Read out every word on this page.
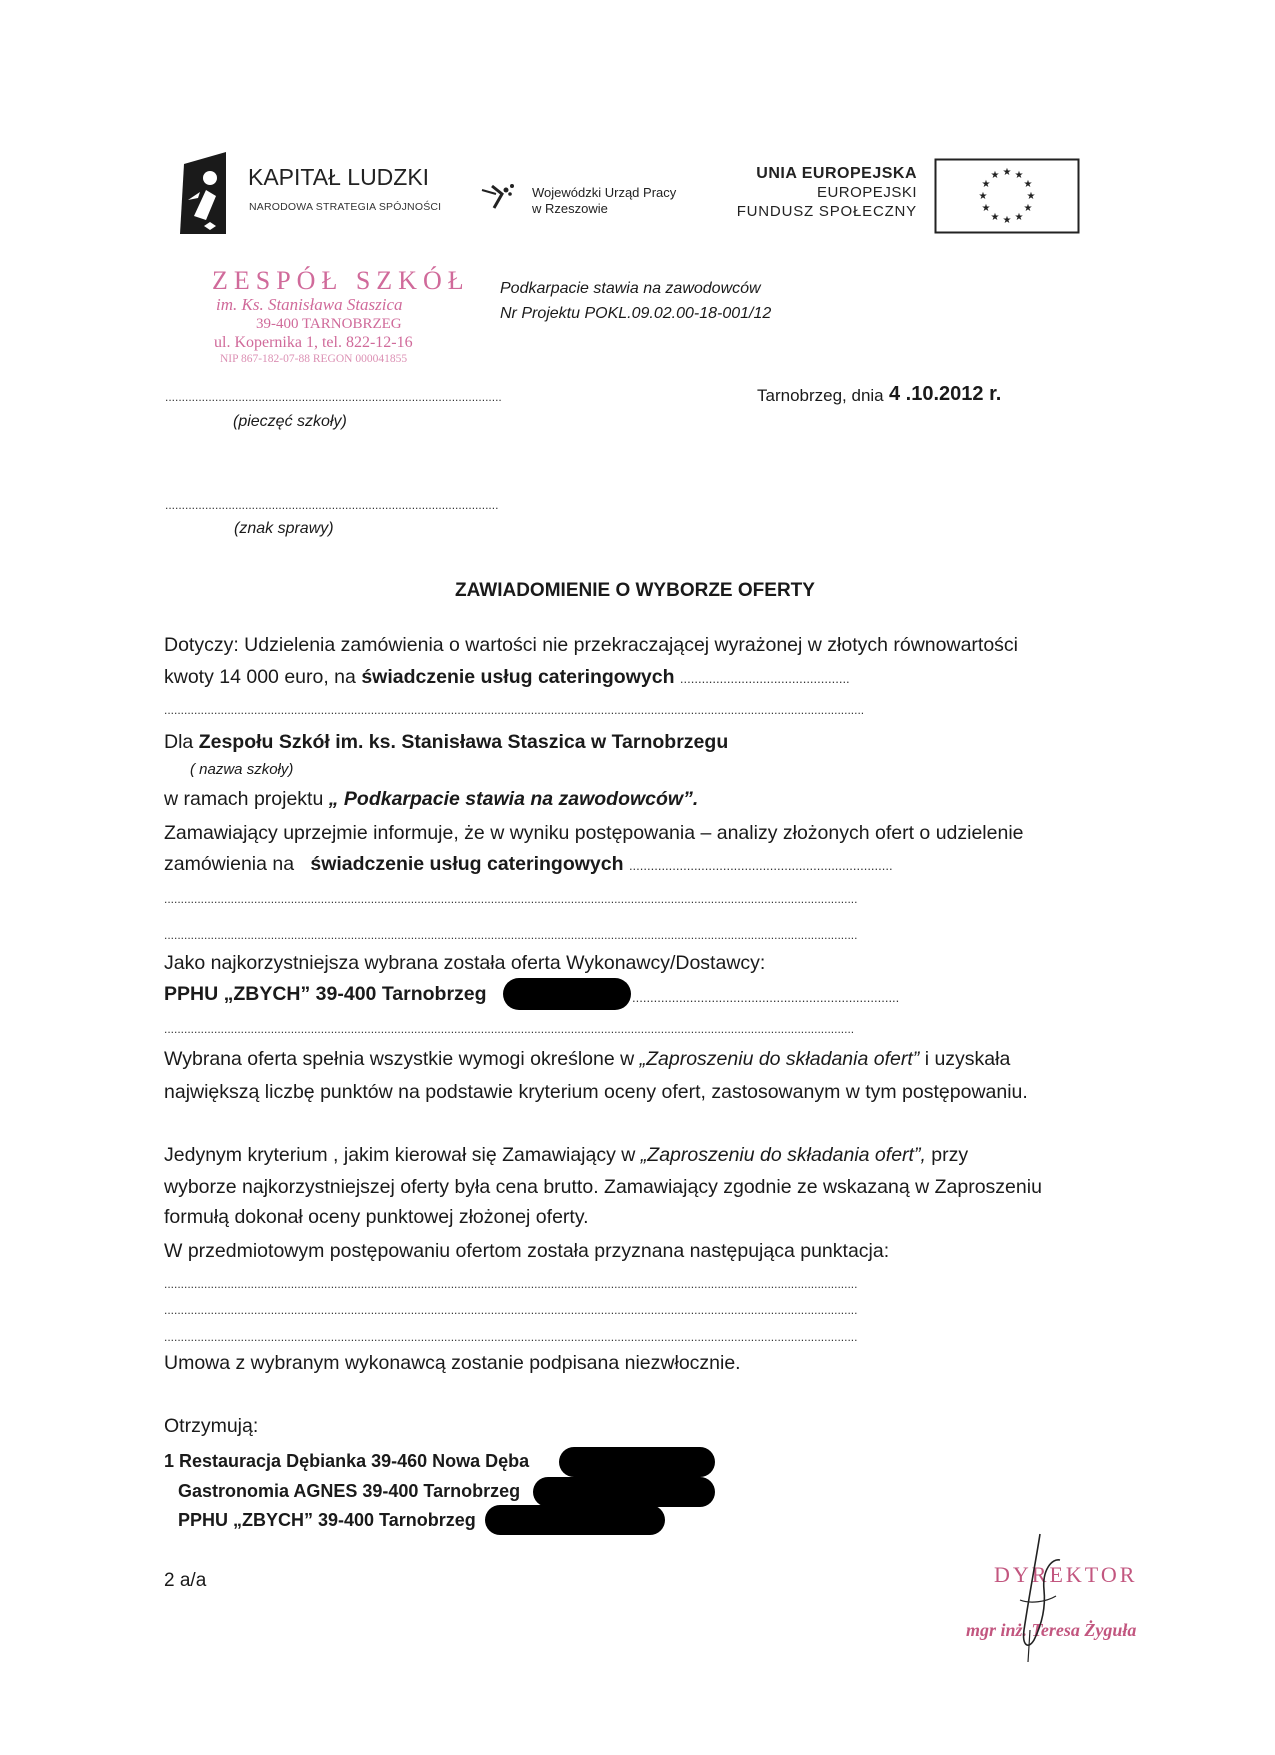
KAPITAŁ LUDZKI
NARODOWA STRATEGIA SPÓJNOŚCI
Wojewódzki Urząd Pracy
w Rzeszowie
UNIA EUROPEJSKA
EUROPEJSKI
FUNDUSZ SPOŁECZNY
★ ★
★
★
★
★
★
★
★
★
★
★
ZESPÓŁ SZKÓŁ
im. Ks. Stanisława Staszica
39-400 TARNOBRZEG
ul. Kopernika 1, tel. 822-12-16
NIP 867-182-07-88 REGON 000041855
Podkarpacie stawia na zawodowców
Nr Projektu POKL.09.02.00-18-001/12
.....................................................................................................
(pieczęć szkoły)
Tarnobrzeg, dnia 4 .10.2012 r.
....................................................................................................
(znak sprawy)
ZAWIADOMIENIE O WYBORZE OFERTY
Dotyczy: Udzielenia zamówienia o wartości nie przekraczającej wyrażonej w złotych równowartości
kwoty 14 000 euro, na świadczenie usług cateringowych ...............................................
..................................................................................................................................................................................................................
Dla Zespołu Szkół im. ks. Stanisława Staszica w Tarnobrzegu
( nazwa szkoły)
w ramach projektu „ Podkarpacie stawia na zawodowców”.
Zamawiający uprzejmie informuje, że w wyniku postępowania – analizy złożonych ofert o udzielenie
zamówienia na świadczenie usług cateringowych .........................................................................
................................................................................................................................................................................................................
................................................................................................................................................................................................................
Jako najkorzystniejsza wybrana została oferta Wykonawcy/Dostawcy:
PPHU „ZBYCH” 39-400 Tarnobrzeg	..........................................................................
...............................................................................................................................................................................................................
Wybrana oferta spełnia wszystkie wymogi określone w „Zaproszeniu do składania ofert” i uzyskała
największą liczbę punktów na podstawie kryterium oceny ofert, zastosowanym w tym postępowaniu.
Jedynym kryterium , jakim kierował się Zamawiający w „Zaproszeniu do składania ofert”, przy
wyborze najkorzystniejszej oferty była cena brutto. Zamawiający zgodnie ze wskazaną w Zaproszeniu
formułą dokonał oceny punktowej złożonej oferty.
W przedmiotowym postępowaniu ofertom została przyznana następująca punktacja:
................................................................................................................................................................................................................
................................................................................................................................................................................................................
................................................................................................................................................................................................................
Umowa z wybranym wykonawcą zostanie podpisana niezwłocznie.
Otrzymują:
1 Restauracja Dębianka 39-460 Nowa Dęba
Gastronomia AGNES 39-400 Tarnobrzeg
PPHU „ZBYCH” 39-400 Tarnobrzeg
2 a/a	DYREKTOR
mgr inż. Teresa Żyguła
